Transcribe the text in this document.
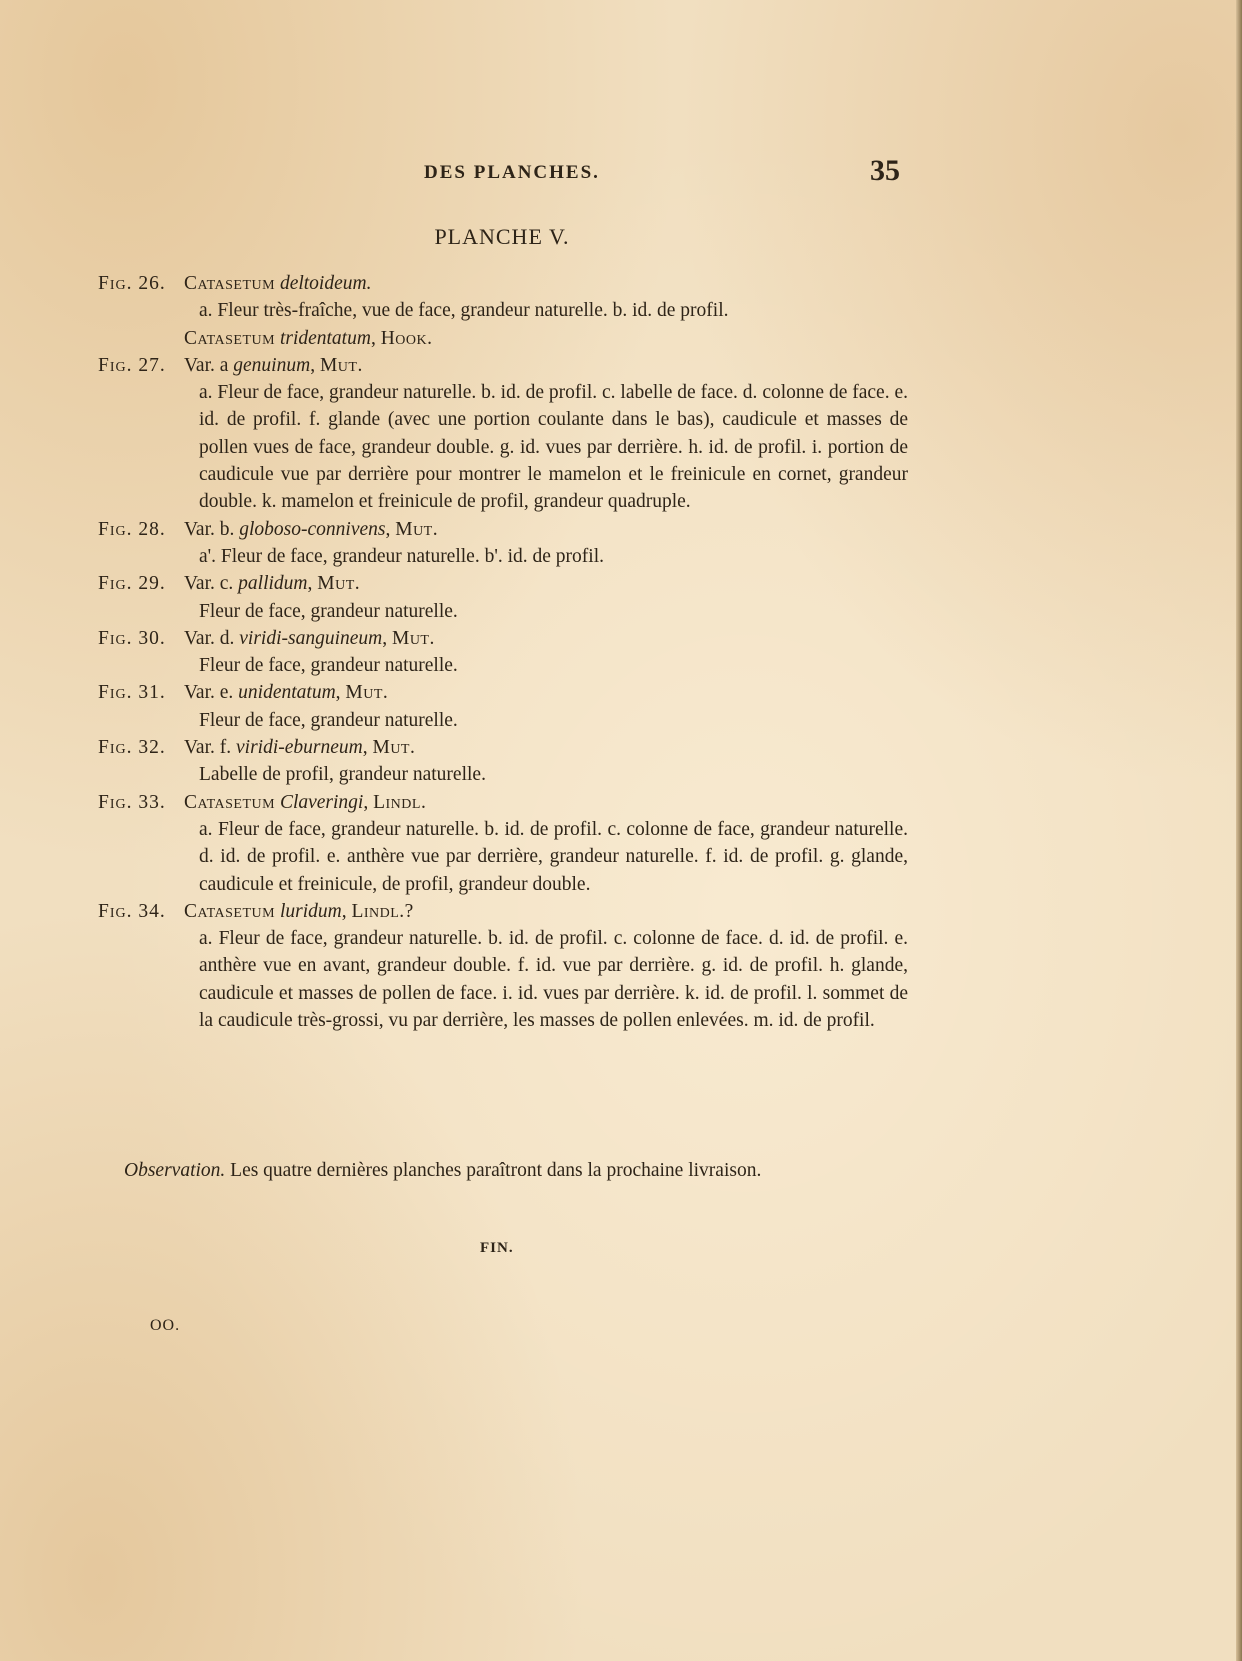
DES PLANCHES.	35
PLANCHE V.
Fig. 26. Catasetum deltoideum.

a. Fleur très-fraîche, vue de face, grandeur naturelle. b. id. de profil.

Catasetum tridentatum, Hook.
Fig. 27. Var. a genuinum, Mut.

a. Fleur de face, grandeur naturelle. b. id. de profil. c. labelle de face. d. colonne de face. e. id. de profil. f. glande (avec une portion coulante dans le bas), caudicule et masses de pollen vues de face, grandeur double. g. id. vues par derrière. h. id. de profil. i. portion de caudicule vue par derrière pour montrer le mamelon et le freinicule en cornet, grandeur double. k. mamelon et freinicule de profil, grandeur quadruple.

Fig. 28. Var. b. globoso-connivens, Mut.

a'. Fleur de face, grandeur naturelle. b'. id. de profil.

Fig. 29. Var. c. pallidum, Mut.

Fleur de face, grandeur naturelle.

Fig. 30. Var. d. viridi-sanguineum, Mut.

Fleur de face, grandeur naturelle.

Fig. 31. Var. e. unidentatum, Mut.

Fleur de face, grandeur naturelle.

Fig. 32. Var. f. viridi-eburneum, Mut.

Labelle de profil, grandeur naturelle.

Fig. 33. Catasetum Claveringi, Lindl.

a. Fleur de face, grandeur naturelle. b. id. de profil. c. colonne de face, grandeur naturelle. d. id. de profil. e. anthère vue par derrière, grandeur naturelle. f. id. de profil. g. glande, caudicule et freinicule, de profil, grandeur double.

Fig. 34. Catasetum luridum, Lindl.?

a. Fleur de face, grandeur naturelle. b. id. de profil. c. colonne de face. d. id. de profil. e. anthère vue en avant, grandeur double. f. id. vue par derrière. g. id. de profil. h. glande, caudicule et masses de pollen de face. i. id. vues par derrière. k. id. de profil. l. sommet de la caudicule très-grossi, vu par derrière, les masses de pollen enlevées. m. id. de profil.

Observation. Les quatre dernières planches paraîtront dans la prochaine livraison.
FIN.
OO.
